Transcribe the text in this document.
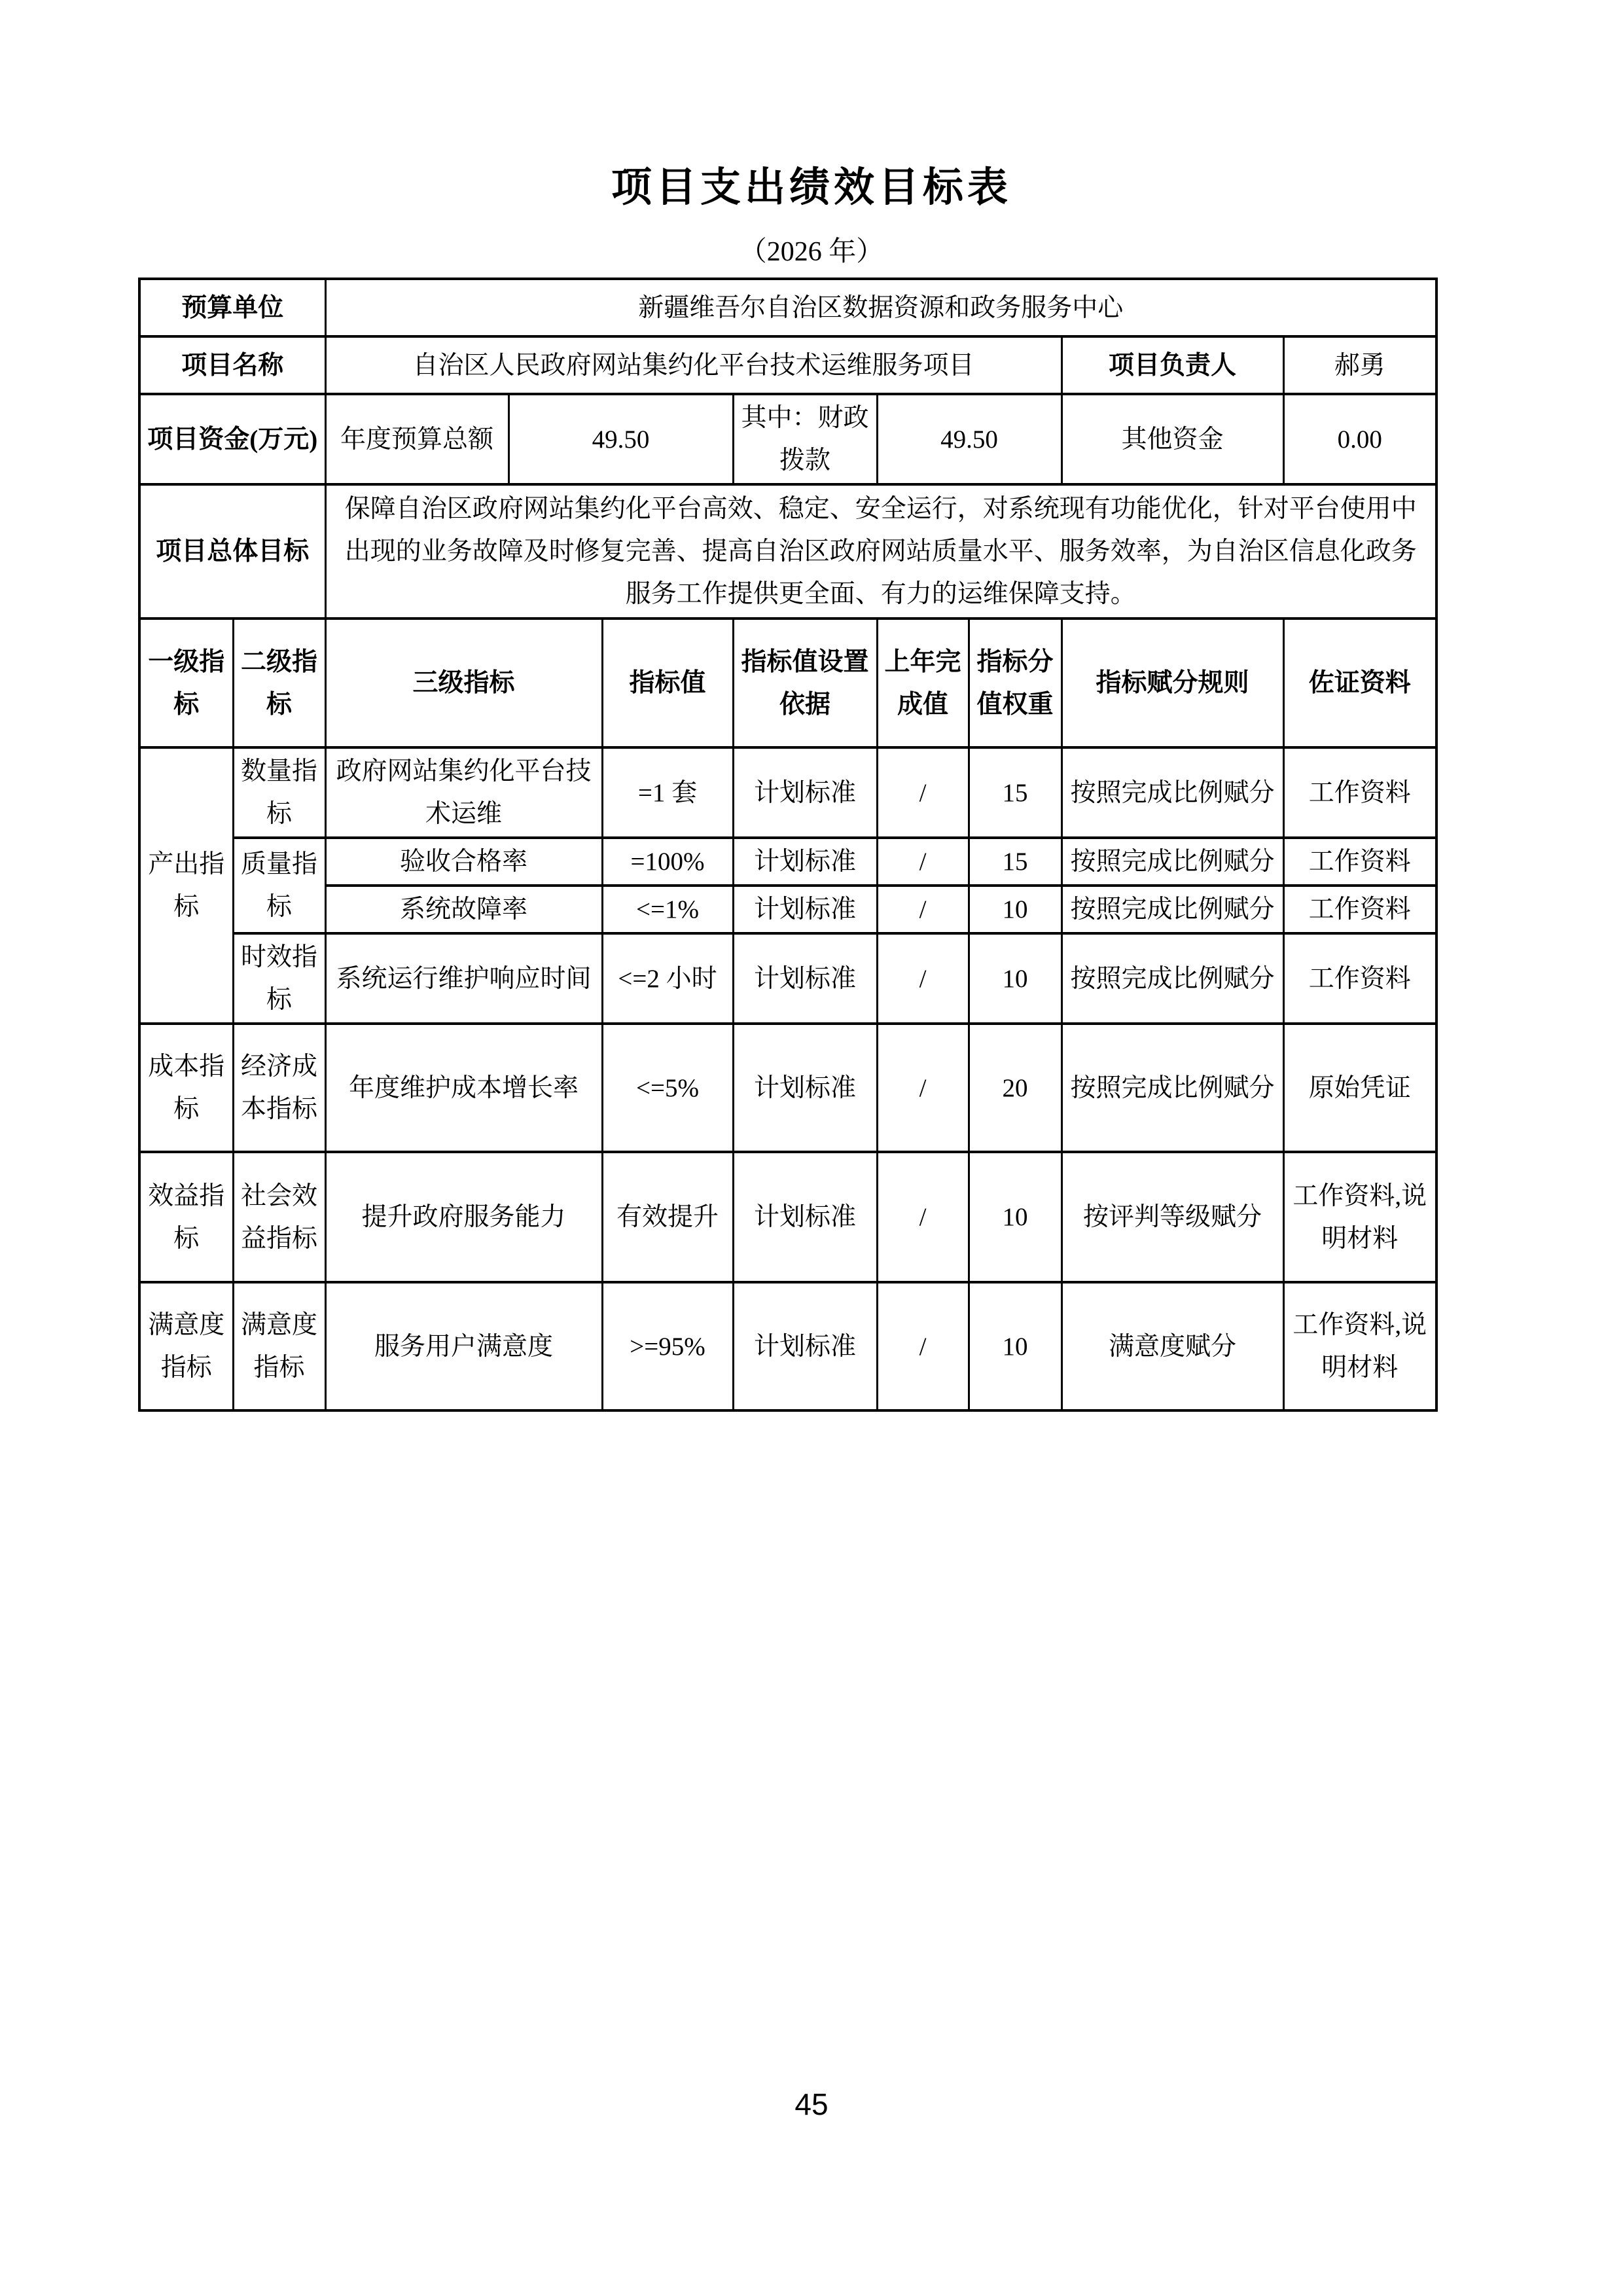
项目支出绩效目标表
（2026 年）
预算单位		新疆维吾尔自治区数据资源和政务服务中心							
项目名称		自治区人民政府网站集约化平台技术运维服务项目						项目负责人	郝勇
项目资金(万元)		年度预算总额	49.50		其中：财政拨款	49.50		其他资金	0.00
项目总体目标		保障自治区政府网站集约化平台高效、稳定、安全运行，对系统现有功能优化，针对平台使用中出现的业务故障及时修复完善、提高自治区政府网站质量水平、服务效率，为自治区信息化政务服务工作提供更全面、有力的运维保障支持。							
一级指标	二级指标	三级指标		指标值	指标值设置依据	上年完成值	指标分值权重	指标赋分规则	佐证资料
产出指标	数量指标	政府网站集约化平台技术运维		=1 套	计划标准	/	15	按照完成比例赋分	工作资料
	质量指标	验收合格率		=100%	计划标准	/	15	按照完成比例赋分	工作资料
		系统故障率		<=1%	计划标准	/	10	按照完成比例赋分	工作资料
	时效指标	系统运行维护响应时间		<=2 小时	计划标准	/	10	按照完成比例赋分	工作资料
成本指标	经济成本指标	年度维护成本增长率		<=5%	计划标准	/	20	按照完成比例赋分	原始凭证
效益指标	社会效益指标	提升政府服务能力		有效提升	计划标准	/	10	按评判等级赋分	工作资料,说明材料
满意度指标	满意度指标	服务用户满意度		>=95%	计划标准	/	10	满意度赋分	工作资料,说明材料
45
